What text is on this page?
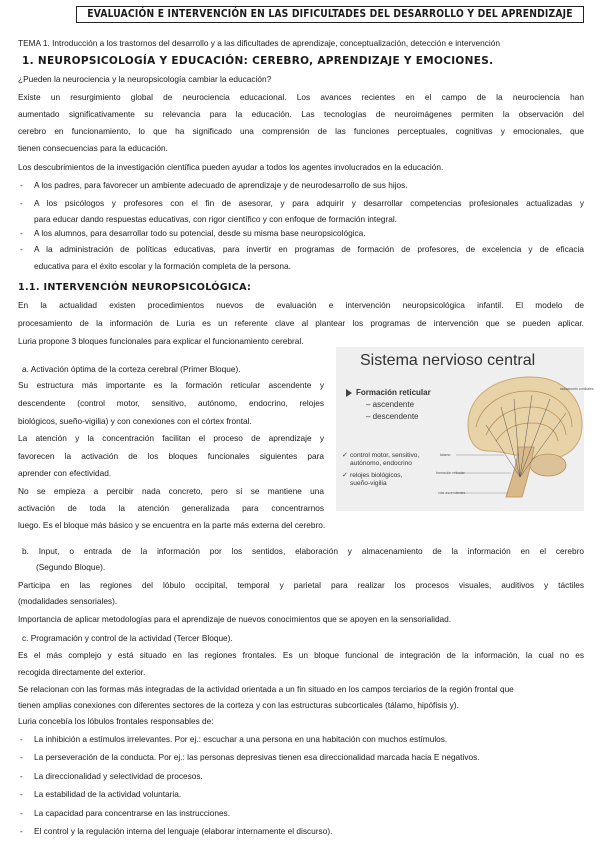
EVALUACIÓN E INTERVENCIÓN EN LAS DIFICULTADES DEL DESARROLLO Y DEL APRENDIZAJE
TEMA 1. Introducción a los trastornos del desarrollo y a las dificultades de aprendizaje, conceptualización, detección e intervención
1. NEUROPSICOLOGÍA Y EDUCACIÓN: CEREBRO, APRENDIZAJE Y EMOCIONES.
¿Pueden la neurociencia y la neuropsicología cambiar la educación?
Existe un resurgimiento global de neurociencia educacional. Los avances recientes en el campo de la neurociencia han
aumentado significativamente su relevancia para la educación. Las tecnologías de neuroimágenes permiten la observación del
cerebro en funcionamiento, lo que ha significado una comprensión de las funciones perceptuales, cognitivas y emocionales, que
tienen consecuencias para la educación.
Los descubrimientos de la investigación científica pueden ayudar a todos los agentes involucrados en la educación.
- A los padres, para favorecer un ambiente adecuado de aprendizaje y de neurodesarrollo de sus hijos.
- A los psicólogos y profesores con el fin de asesorar, y para adquirir y desarrollar competencias profesionales actualizadas y
para educar dando respuestas educativas, con rigor científico y con enfoque de formación integral.
- A los alumnos, para desarrollar todo su potencial, desde su misma base neuropsicológica.
- A la administración de políticas educativas, para invertir en programas de formación de profesores, de excelencia y de eficacia
educativa para el éxito escolar y la formación completa de la persona.
1.1. INTERVENCIÓN NEUROPSICOLÓGICA:
En la actualidad existen procedimientos nuevos de evaluación e intervención neuropsicológica infantil. El modelo de
procesamiento de la información de Luria es un referente clave al plantear los programas de intervención que se pueden aplicar.
Luria propone 3 bloques funcionales para explicar el funcionamiento cerebral.
a. Activación óptima de la corteza cerebral (Primer Bloque).
Su estructura más importante es la formación reticular ascendente y
descendente (control motor, sensitivo, autónomo, endocrino, relojes
biológicos, sueño-vigilia) y con conexiones con el córtex frontal.
La atención y la concentración facilitan el proceso de aprendizaje y
favorecen la activación de los bloques funcionales siguientes para
aprender con efectividad.
No se empieza a percibir nada concreto, pero sí se mantiene una
activación de toda la atención generalizada para concentrarnos
luego. Es el bloque más básico y se encuentra en la parte más externa del cerebro.
Sistema nervioso central
Formación reticular
– ascendente
– descendente
✓ control motor, sensitivo,
autónomo, endocrino
✓ relojes biológicos,
sueño-vigilia
radiaciones corticales
tálamo
formación reticular
vías ascendentes
b. Input, o entrada de la información por los sentidos, elaboración y almacenamiento de la información en el cerebro
(Segundo Bloque).
Participa en las regiones del lóbulo occipital, temporal y parietal para realizar los procesos visuales, auditivos y táctiles
(modalidades sensoriales).
Importancia de aplicar metodologías para el aprendizaje de nuevos conocimientos que se apoyen en la sensorialidad.
c. Programación y control de la actividad (Tercer Bloque).
Es el más complejo y está situado en las regiones frontales. Es un bloque funcional de integración de la información, la cual no es
recogida directamente del exterior.
Se relacionan con las formas más integradas de la actividad orientada a un fin situado en los campos terciarios de la región frontal que
tienen amplias conexiones con diferentes sectores de la corteza y con las estructuras subcorticales (tálamo, hipófisis y).
Luria concebía los lóbulos frontales responsables de:
- La inhibición a estímulos irrelevantes. Por ej.: escuchar a una persona en una habitación con muchos estímulos.
- La perseveración de la conducta. Por ej.: las personas depresivas tienen esa direccionalidad marcada hacia E negativos.
- La direccionalidad y selectividad de procesos.
- La estabilidad de la actividad voluntaria.
- La capacidad para concentrarse en las instrucciones.
- El control y la regulación interna del lenguaje (elaborar internamente el discurso).
